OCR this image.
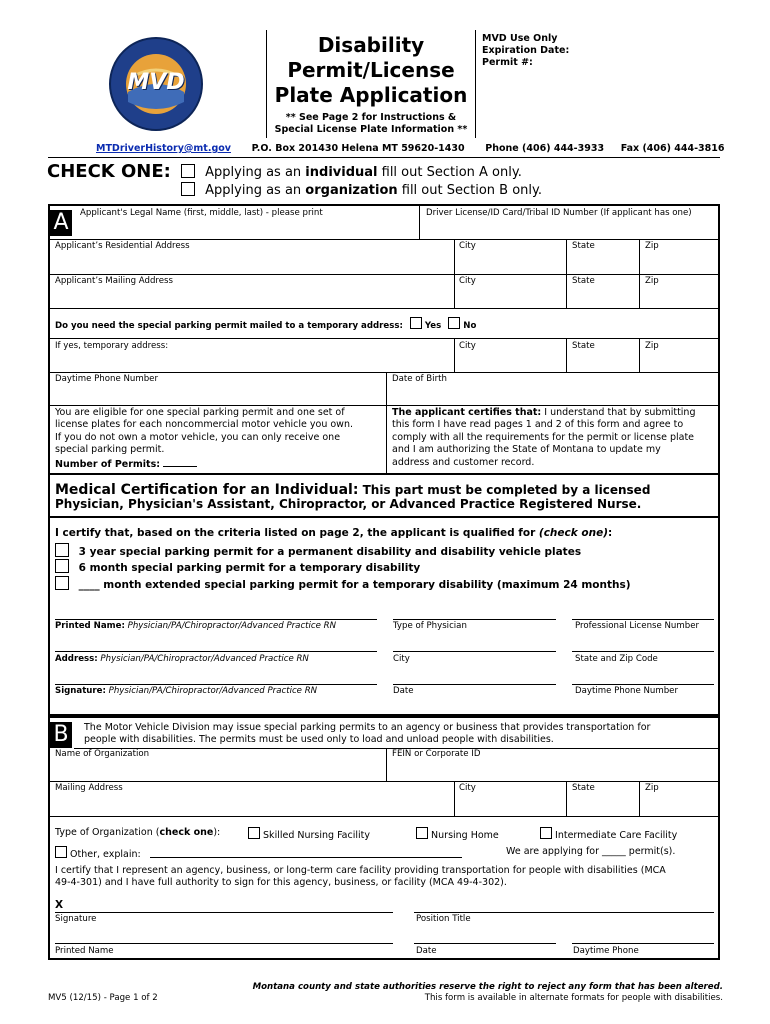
MVD
Disability
Permit/License
Plate Application
** See Page 2 for Instructions &
Special License Plate Information **
MVD Use Only
Expiration Date:
Permit #:
MTDriverHistory@mt.gov P.O. Box 201430 Helena MT 59620-1430 Phone (406) 444-3933 Fax (406) 444-3816
CHECK ONE:	Applying as an individual fill out Section A only.
Applying as an organization fill out Section B only.
A	Applicant's Legal Name (first, middle, last) - please print	Driver License/ID Card/Tribal ID Number (If applicant has one)
Applicant’s Residential Address	City	State	Zip
Applicant’s Mailing Address	City	State	Zip
Do you need the special parking permit mailed to a temporary address:	Yes	No
If yes, temporary address:	City	State	Zip
Daytime Phone Number	Date of Birth
You are eligible for one special parking permit and one set of
license plates for each noncommercial motor vehicle you own.
If you do not own a motor vehicle, you can only receive one
special parking permit.
Number of Permits:
The applicant certifies that: I understand that by submitting
this form I have read pages 1 and 2 of this form and agree to
comply with all the requirements for the permit or license plate
and I am authorizing the State of Montana to update my
address and customer record.
Medical Certification for an Individual: This part must be completed by a licensed
Physician, Physician's Assistant, Chiropractor, or Advanced Practice Registered Nurse.
I certify that, based on the criteria listed on page 2, the applicant is qualified for (check one):
3 year special parking permit for a permanent disability and disability vehicle plates
6 month special parking permit for a temporary disability
____ month extended special parking permit for a temporary disability (maximum 24 months)
Printed Name: Physician/PA/Chiropractor/Advanced Practice RN	Type of Physician	Professional License Number
Address: Physician/PA/Chiropractor/Advanced Practice RN	City	State and Zip Code
Signature: Physician/PA/Chiropractor/Advanced Practice RN	Date	Daytime Phone Number
B	The Motor Vehicle Division may issue special parking permits to an agency or business that provides transportation for
people with disabilities. The permits must be used only to load and unload people with disabilities.
Name of Organization	FEIN or Corporate ID
Mailing Address	City	State	Zip
Type of Organization (check one):	Skilled Nursing Facility	Nursing Home	Intermediate Care Facility
Other, explain:	We are applying for _____ permit(s).
I certify that I represent an agency, business, or long-term care facility providing transportation for people with disabilities (MCA
49-4-301) and I have full authority to sign for this agency, business, or facility (MCA 49-4-302).
X
Signature	Position Title
Printed Name	Date	Daytime Phone
Montana county and state authorities reserve the right to reject any form that has been altered.
This form is available in alternate formats for people with disabilities.
MV5 (12/15) - Page 1 of 2
